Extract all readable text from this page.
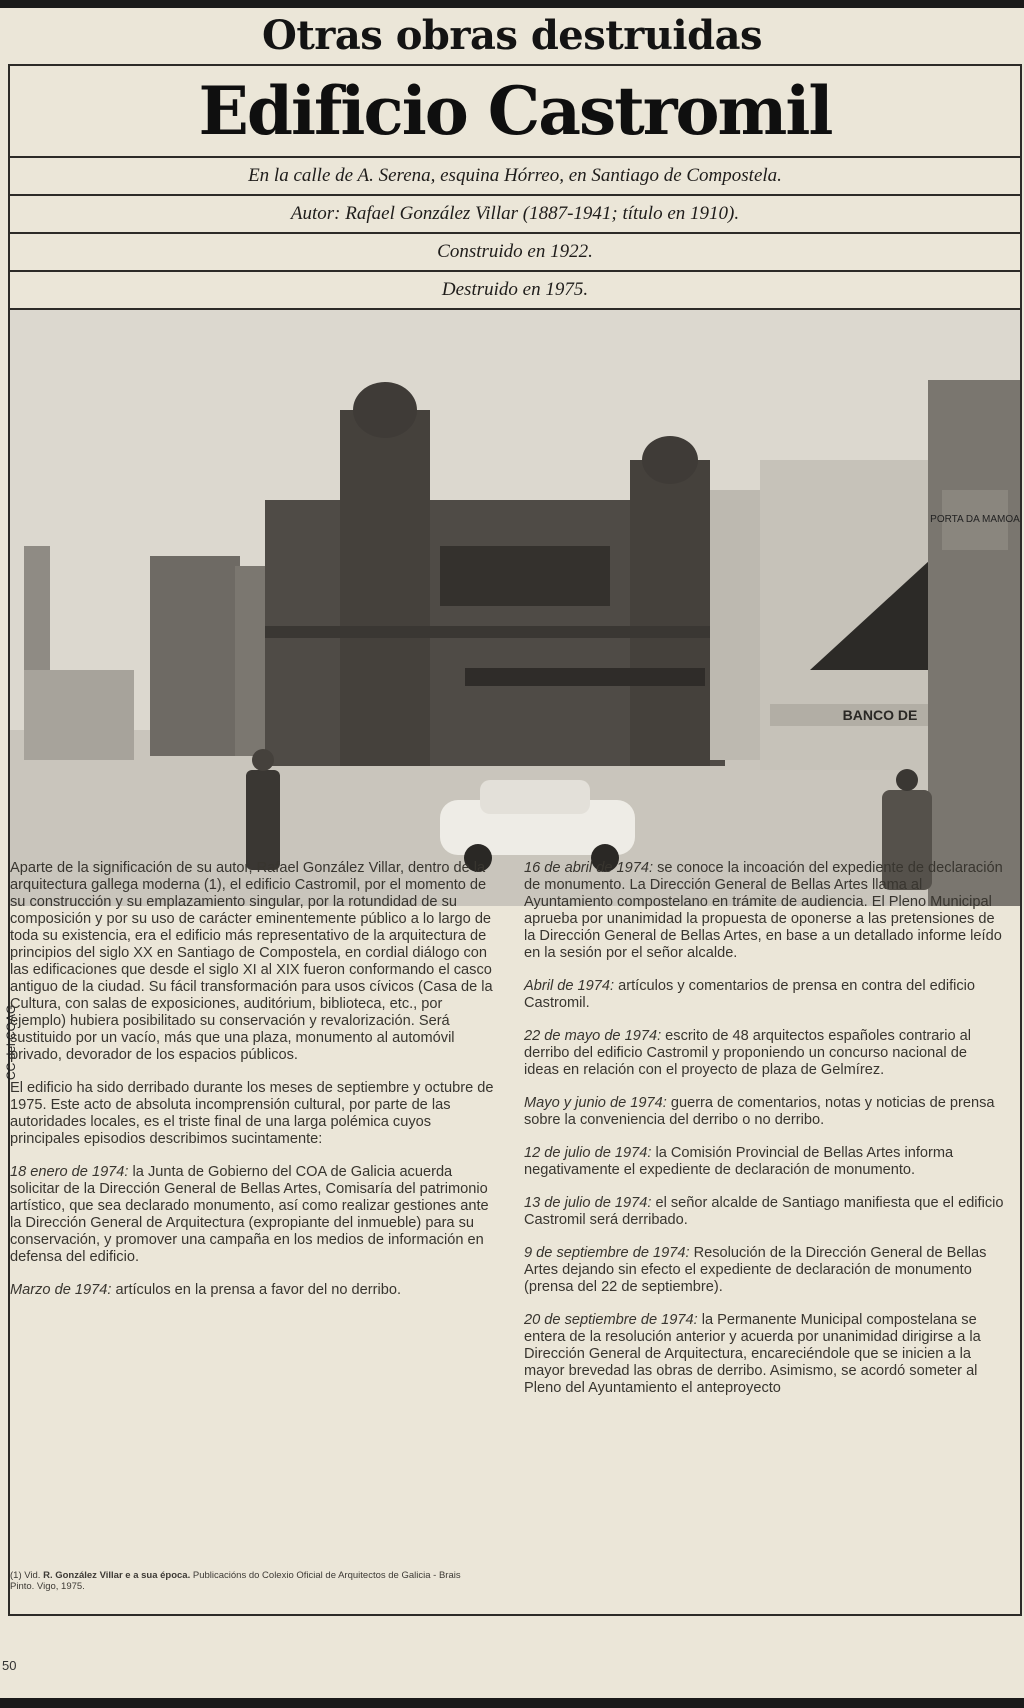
Otras obras destruidas
Edificio Castromil
En la calle de A. Serena, esquina Hórreo, en Santiago de Compostela.
Autor: Rafael González Villar (1887-1941; título en 1910).
Construido en 1922.
Destruido en 1975.
BANCO DE
PORTA DA MAMOA
CC del COAG

Aparte de la significación de su autor, Rafael González Villar, dentro de la arquitectura gallega moderna (1), el edificio Castromil, por el momento de su construcción y su emplazamiento singular, por la rotundidad de su composición y por su uso de carácter eminentemente público a lo largo de toda su existencia, era el edificio más representativo de la arquitectura de principios del siglo XX en Santiago de Compostela, en cordial diálogo con las edificaciones que desde el siglo XI al XIX fueron conformando el casco antiguo de la ciudad. Su fácil transformación para usos cívicos (Casa de la Cultura, con salas de exposiciones, auditórium, biblioteca, etc., por ejemplo) hubiera posibilitado su conservación y revalorización. Será sustituido por un vacío, más que una plaza, monumento al automóvil privado, devorador de los espacios públicos.

El edificio ha sido derribado durante los meses de septiembre y octubre de 1975. Este acto de absoluta incomprensión cultural, por parte de las autoridades locales, es el triste final de una larga polémica cuyos principales episodios describimos sucintamente:

18 enero de 1974: la Junta de Gobierno del COA de Galicia acuerda solicitar de la Dirección General de Bellas Artes, Comisaría del patrimonio artístico, que sea declarado monumento, así como realizar gestiones ante la Dirección General de Arquitectura (expropiante del inmueble) para su conservación, y promover una campaña en los medios de información en defensa del edificio.

Marzo de 1974: artículos en la prensa a favor del no derribo.

(1) Vid. R. González Villar e a sua época. Publicacións do Colexio Oficial de Arquitectos de Galicia - Brais Pinto. Vigo, 1975.

16 de abril de 1974: se conoce la incoación del expediente de declaración de monumento. La Dirección General de Bellas Artes llama al Ayuntamiento compostelano en trámite de audiencia. El Pleno Municipal aprueba por unanimidad la propuesta de oponerse a las pretensiones de la Dirección General de Bellas Artes, en base a un detallado informe leído en la sesión por el señor alcalde.

Abril de 1974: artículos y comentarios de prensa en contra del edificio Castromil.

22 de mayo de 1974: escrito de 48 arquitectos españoles contrario al derribo del edificio Castromil y proponiendo un concurso nacional de ideas en relación con el proyecto de plaza de Gelmírez.

Mayo y junio de 1974: guerra de comentarios, notas y noticias de prensa sobre la conveniencia del derribo o no derribo.

12 de julio de 1974: la Comisión Provincial de Bellas Artes informa negativamente el expediente de declaración de monumento.

13 de julio de 1974: el señor alcalde de Santiago manifiesta que el edificio Castromil será derribado.

9 de septiembre de 1974: Resolución de la Dirección General de Bellas Artes dejando sin efecto el expediente de declaración de monumento (prensa del 22 de septiembre).

20 de septiembre de 1974: la Permanente Municipal compostelana se entera de la resolución anterior y acuerda por unanimidad dirigirse a la Dirección General de Arquitectura, encareciéndole que se inicien a la mayor brevedad las obras de derribo. Asimismo, se acordó someter al Pleno del Ayuntamiento el anteproyecto

50
